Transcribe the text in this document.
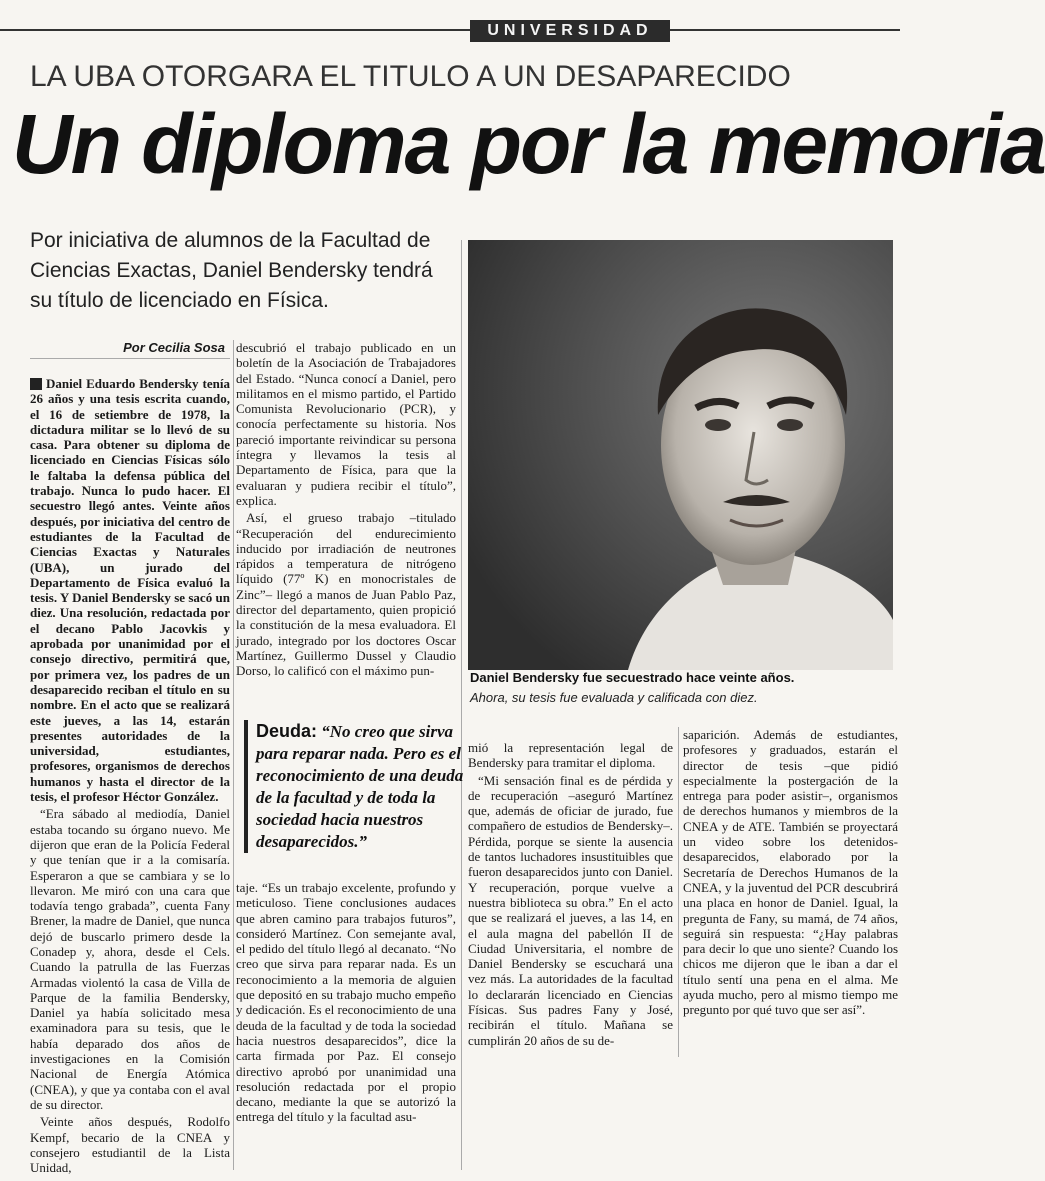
UNIVERSIDAD
LA UBA OTORGARA EL TITULO A UN DESAPARECIDO
Un diploma por la memoria
Por iniciativa de alumnos de la Facultad de Ciencias Exactas, Daniel Bendersky tendrá su título de licenciado en Física.
Por Cecilia Sosa
Daniel Bendersky fue secuestrado hace veinte años.
Ahora, su tesis fue evaluada y calificada con diez.

Daniel Eduardo Bendersky tenía 26 años y una tesis escrita cuando, el 16 de setiembre de 1978, la dictadura militar se lo llevó de su casa. Para obtener su diploma de licenciado en Ciencias Físicas sólo le faltaba la defensa pública del trabajo. Nunca lo pudo hacer. El secuestro llegó antes. Veinte años después, por iniciativa del centro de estudiantes de la Facultad de Ciencias Exactas y Naturales (UBA), un jurado del Departamento de Física evaluó la tesis. Y Daniel Bendersky se sacó un diez. Una resolución, redactada por el decano Pablo Jacovkis y aprobada por unanimidad por el consejo directivo, permitirá que, por primera vez, los padres de un desaparecido reciban el título en su nombre. En el acto que se realizará este jueves, a las 14, estarán presentes autoridades de la universidad, estudiantes, profesores, organismos de derechos humanos y hasta el director de la tesis, el profesor Héctor González.

“Era sábado al mediodía, Daniel estaba tocando su órgano nuevo. Me dijeron que eran de la Policía Federal y que tenían que ir a la comisaría. Esperaron a que se cambiara y se lo llevaron. Me miró con una cara que todavía tengo grabada”, cuenta Fany Brener, la madre de Daniel, que nunca dejó de buscarlo primero desde la Conadep y, ahora, desde el Cels. Cuando la patrulla de las Fuerzas Armadas violentó la casa de Villa de Parque de la familia Bendersky, Daniel ya había solicitado mesa examinadora para su tesis, que le había deparado dos años de investigaciones en la Comisión Nacional de Energía Atómica (CNEA), y que ya contaba con el aval de su director.

Veinte años después, Rodolfo Kempf, becario de la CNEA y consejero estudiantil de la Lista Unidad,

descubrió el trabajo publicado en un boletín de la Asociación de Trabajadores del Estado. “Nunca conocí a Daniel, pero militamos en el mismo partido, el Partido Comunista Revolucionario (PCR), y conocía perfectamente su historia. Nos pareció importante reivindicar su persona íntegra y llevamos la tesis al Departamento de Física, para que la evaluaran y pudiera recibir el título”, explica.

Así, el grueso trabajo –titulado “Recuperación del endurecimiento inducido por irradiación de neutrones rápidos a temperatura de nitrógeno líquido (77º K) en monocristales de Zinc”– llegó a manos de Juan Pablo Paz, director del departamento, quien propició la constitución de la mesa evaluadora. El jurado, integrado por los doctores Oscar Martínez, Guillermo Dussel y Claudio Dorso, lo calificó con el máximo pun-

Deuda: “No creo que sirva para reparar nada. Pero es el reconocimiento de una deuda de la facultad y de toda la sociedad hacia nuestros desaparecidos.”

taje. “Es un trabajo excelente, profundo y meticuloso. Tiene conclusiones audaces que abren camino para trabajos futuros”, consideró Martínez. Con semejante aval, el pedido del título llegó al decanato. “No creo que sirva para reparar nada. Es un reconocimiento a la memoria de alguien que depositó en su trabajo mucho empeño y dedicación. Es el reconocimiento de una deuda de la facultad y de toda la sociedad hacia nuestros desaparecidos”, dice la carta firmada por Paz. El consejo directivo aprobó por unanimidad una resolución redactada por el propio decano, mediante la que se autorizó la entrega del título y la facultad asu-

mió la representación legal de Bendersky para tramitar el diploma.

“Mi sensación final es de pérdida y de recuperación –aseguró Martínez que, además de oficiar de jurado, fue compañero de estudios de Bendersky–. Pérdida, porque se siente la ausencia de tantos luchadores insustituibles que fueron desaparecidos junto con Daniel. Y recuperación, porque vuelve a nuestra biblioteca su obra.” En el acto que se realizará el jueves, a las 14, en el aula magna del pabellón II de Ciudad Universitaria, el nombre de Daniel Bendersky se escuchará una vez más. La autoridades de la facultad lo declararán licenciado en Ciencias Físicas. Sus padres Fany y José, recibirán el título. Mañana se cumplirán 20 años de su de-

saparición. Además de estudiantes, profesores y graduados, estarán el director de tesis –que pidió especialmente la postergación de la entrega para poder asistir–, organismos de derechos humanos y miembros de la CNEA y de ATE. También se proyectará un video sobre los detenidos-desaparecidos, elaborado por la Secretaría de Derechos Humanos de la CNEA, y la juventud del PCR descubrirá una placa en honor de Daniel. Igual, la pregunta de Fany, su mamá, de 74 años, seguirá sin respuesta: “¿Hay palabras para decir lo que uno siente? Cuando los chicos me dijeron que le iban a dar el título sentí una pena en el alma. Me ayuda mucho, pero al mismo tiempo me pregunto por qué tuvo que ser así”.
